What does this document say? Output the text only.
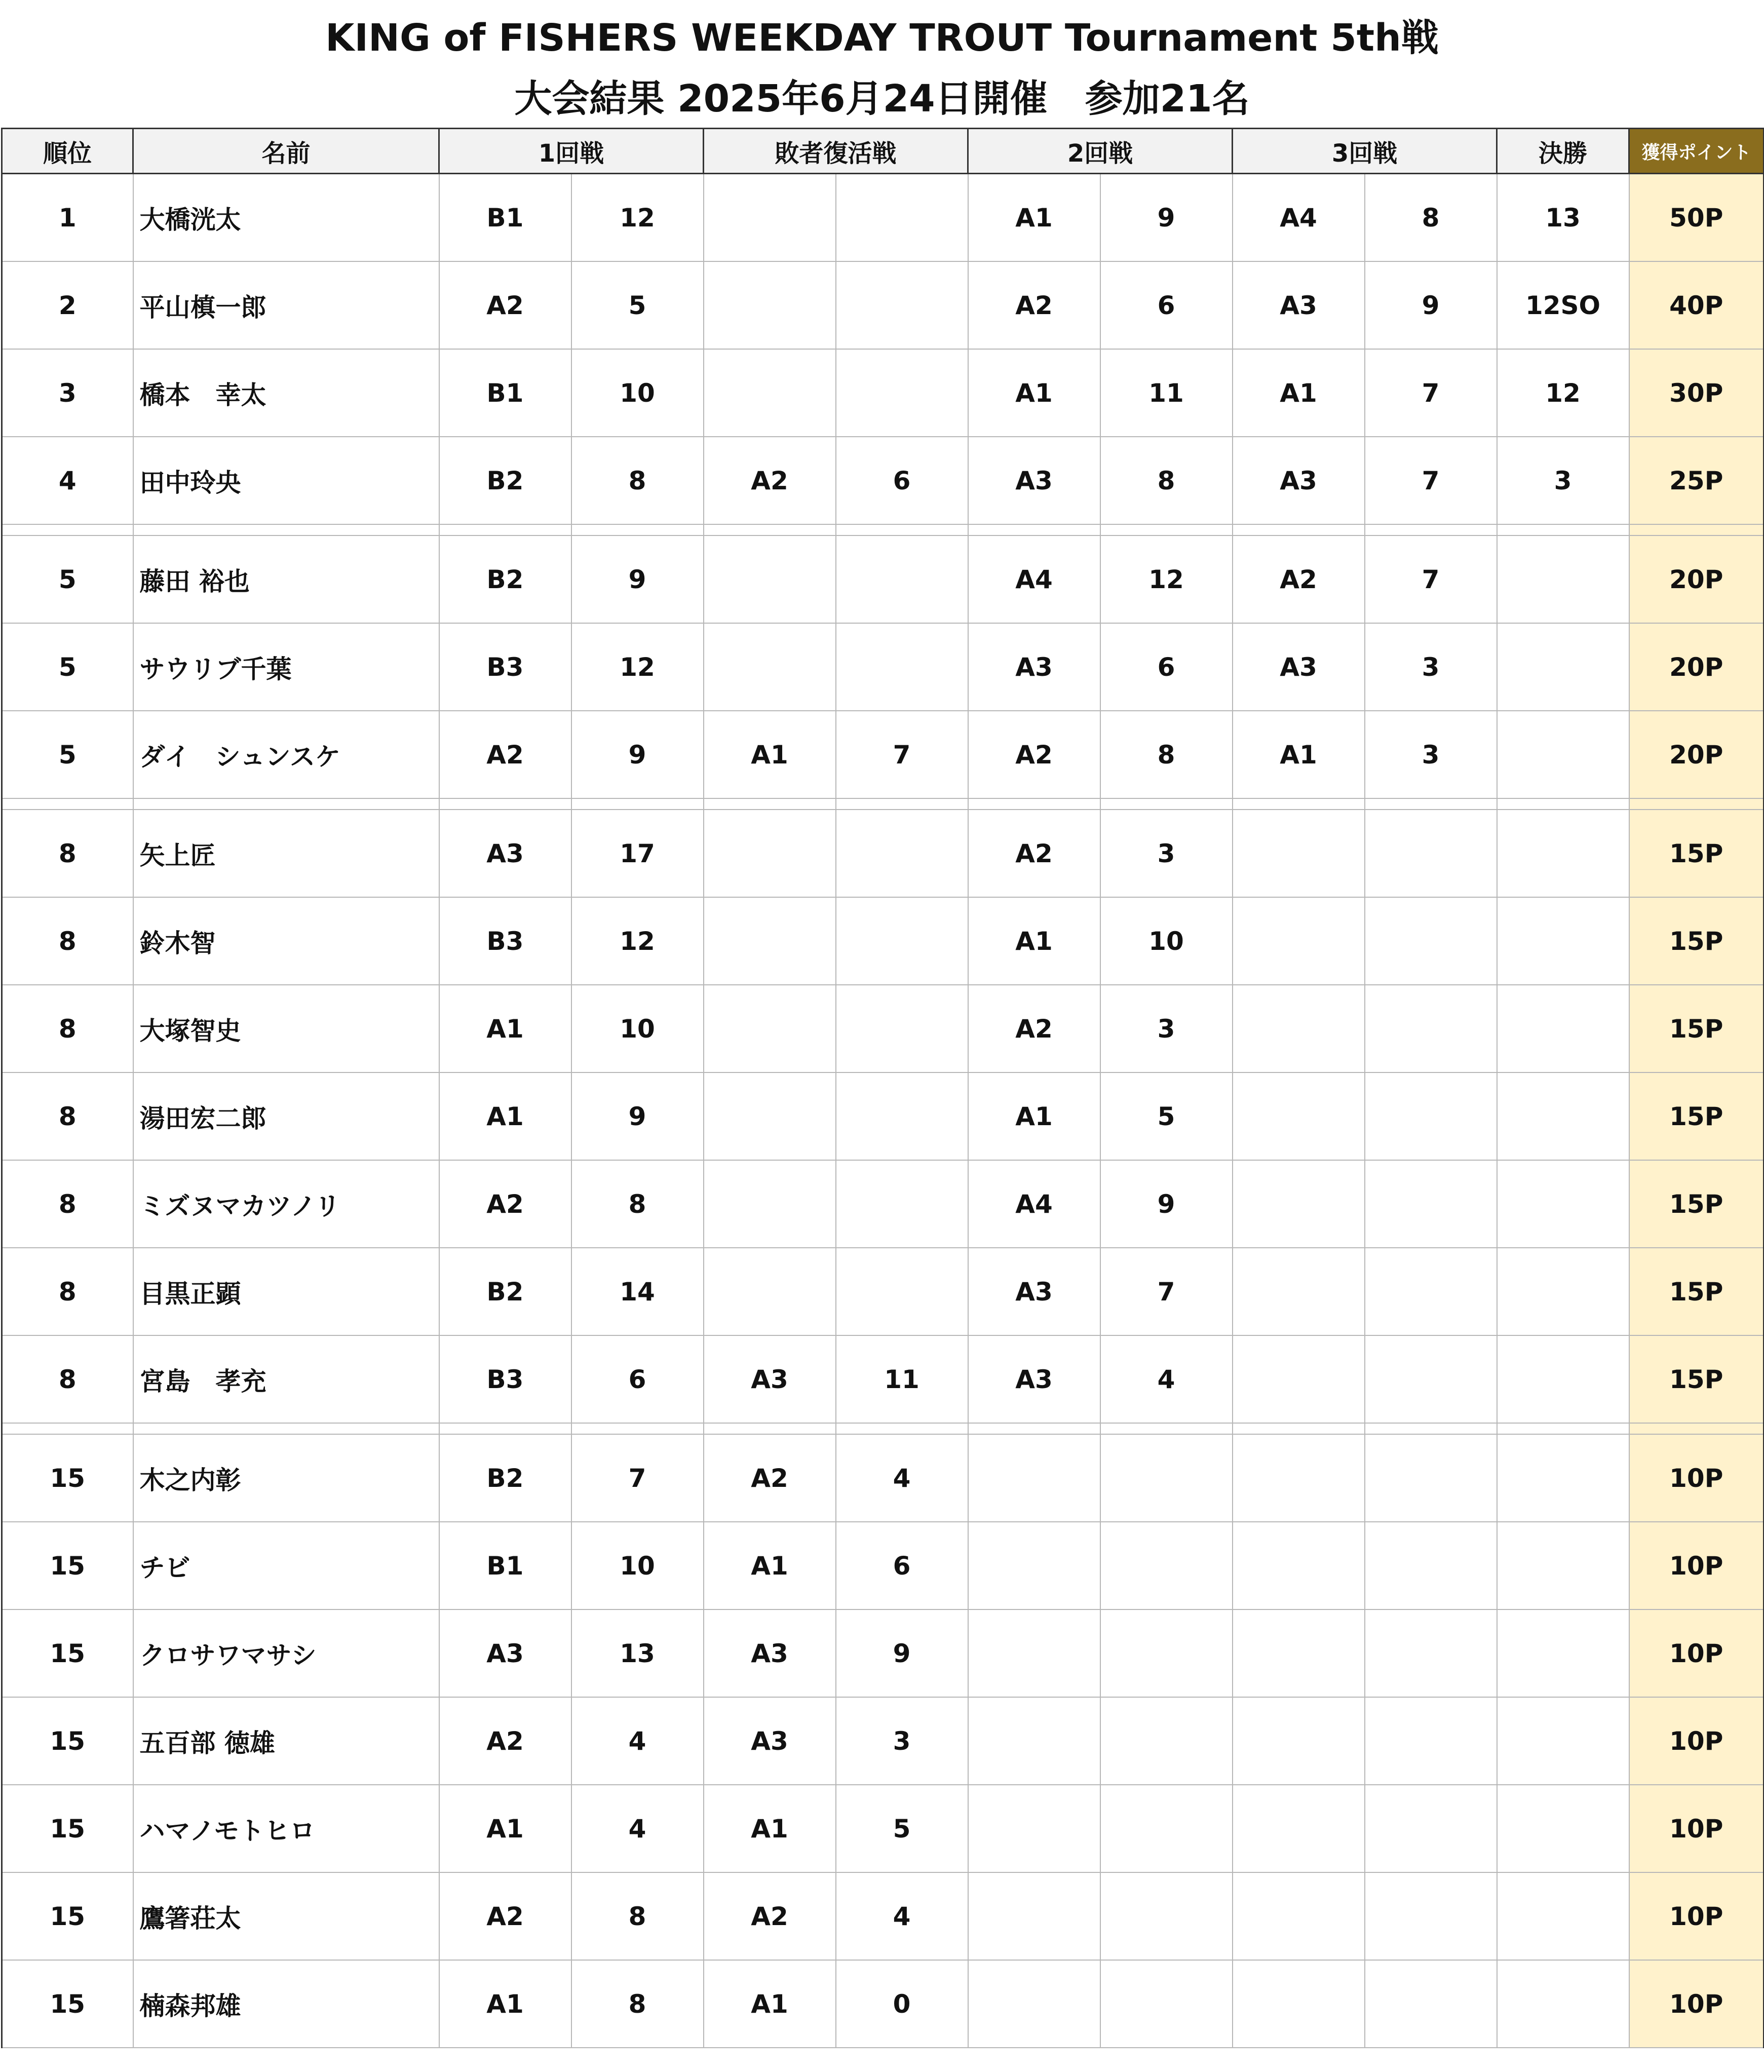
KING of FISHERS WEEKDAY TROUT Tournament 5th戦
大会結果 2025年6月24日開催　参加21名
順位	名前	1回戦		敗者復活戦		2回戦		3回戦		決勝	獲得ポイント
1	大橋洸太	B1	12			A1	9	A4	8	13	50P
2	平山槙一郎	A2	5			A2	6	A3	9	12SO	40P
3	橋本　幸太	B1	10			A1	11	A1	7	12	30P
4	田中玲央	B2	8	A2	6	A3	8	A3	7	3	25P

5	藤田 裕也	B2	9			A4	12	A2	7		20P
5	サウリブ千葉	B3	12			A3	6	A3	3		20P
5	ダイ　シュンスケ	A2	9	A1	7	A2	8	A1	3		20P

8	矢上匠	A3	17			A2	3				15P
8	鈴木智	B3	12			A1	10				15P
8	大塚智史	A1	10			A2	3				15P
8	湯田宏二郎	A1	9			A1	5				15P
8	ミズヌマカツノリ	A2	8			A4	9				15P
8	目黒正顕	B2	14			A3	7				15P
8	宮島　孝充	B3	6	A3	11	A3	4				15P

15	木之内彰	B2	7	A2	4						10P
15	チビ	B1	10	A1	6						10P
15	クロサワマサシ	A3	13	A3	9						10P
15	五百部 徳雄	A2	4	A3	3						10P
15	ハマノモトヒロ	A1	4	A1	5						10P
15	鷹箸荘太	A2	8	A2	4						10P
15	楠森邦雄	A1	8	A1	0						10P
